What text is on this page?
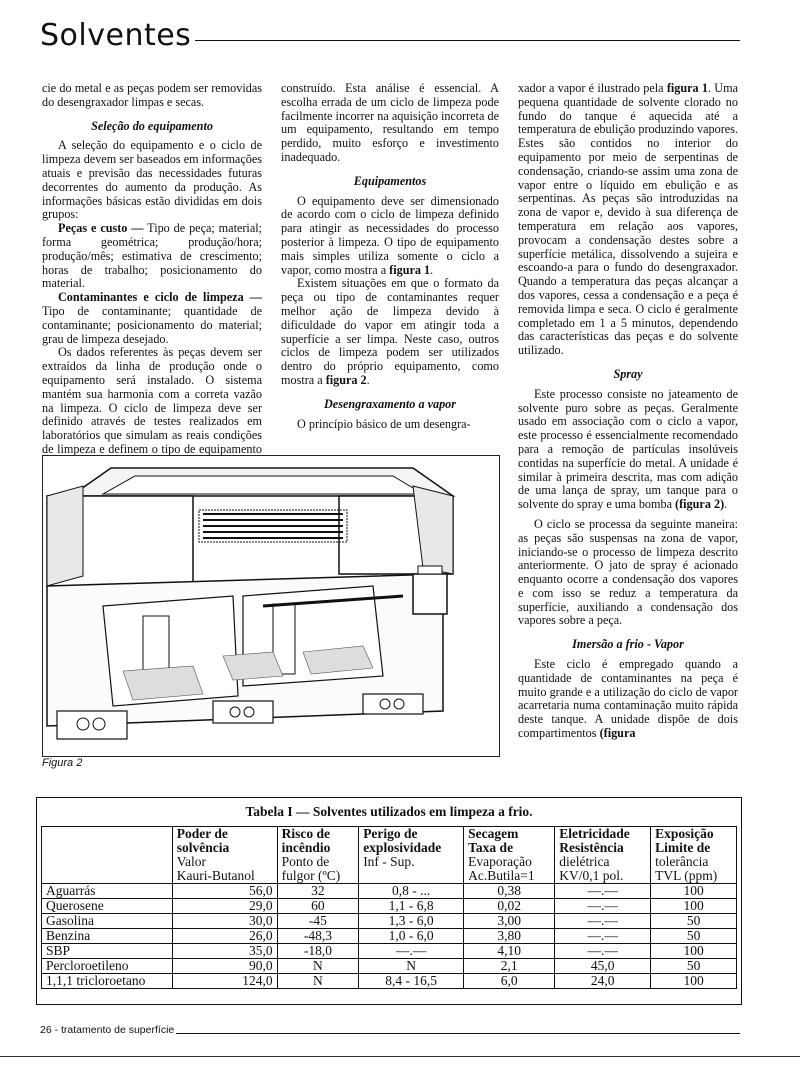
Solventes

cie do metal e as peças podem ser removidas do desengraxador limpas e secas.

Seleção do equipamento

A seleção do equipamento e o ciclo de limpeza devem ser baseados em informações atuais e previsão das necessidades futuras decorrentes do aumento da produção. As informações básicas estão divididas em dois grupos:

Peças e custo — Tipo de peça; material; forma geométrica; produção/hora; produção/mês; estimativa de crescimento; horas de trabalho; posicionamento do material.

Contaminantes e ciclo de limpeza — Tipo de contaminante; quantidade de contaminante; posicionamento do material; grau de limpeza desejado.

Os dados referentes às peças devem ser extraídos da linha de produção onde o equipamento será instalado. O sistema mantém sua harmonia com a correta vazão na limpeza. O ciclo de limpeza deve ser definido através de testes realizados em laboratórios que simulam as reais condições de limpeza e definem o tipo de equipamento

construído. Esta análise é essencial. A escolha errada de um ciclo de limpeza pode facilmente incorrer na aquisição incorreta de um equipamento, resultando em tempo perdido, muito esforço e investimento inadequado.

Equipamentos

O equipamento deve ser dimensionado de acordo com o ciclo de limpeza definido para atingir as necessidades do processo posterior à limpeza. O tipo de equipamento mais simples utiliza somente o ciclo a vapor, como mostra a figura 1.

Existem situações em que o formato da peça ou tipo de contaminantes requer melhor ação de limpeza devido à dificuldade do vapor em atingir toda a superfície a ser limpa. Neste caso, outros ciclos de limpeza podem ser utilizados dentro do próprio equipamento, como mostra a figura 2.

Desengraxamento a vapor

O princípio básico de um desengra-

xador a vapor é ilustrado pela figura 1. Uma pequena quantidade de solvente clorado no fundo do tanque é aquecida até a temperatura de ebulição produzindo vapores. Estes são contidos no interior do equipamento por meio de serpentinas de condensação, criando-se assim uma zona de vapor entre o líquido em ebulição e as serpentinas. As peças são introduzidas na zona de vapor e, devido à sua diferença de temperatura em relação aos vapores, provocam a condensação destes sobre a superfície metálica, dissolvendo a sujeira e escoando-a para o fundo do desengraxador. Quando a temperatura das peças alcançar a dos vapores, cessa a condensação e a peça é removida limpa e seca. O ciclo é geralmente completado em 1 a 5 minutos, dependendo das características das peças e do solvente utilizado.

Spray

Este processo consiste no jateamento de solvente puro sobre as peças. Geralmente usado em associação com o ciclo a vapor, este processo é essencialmente recomendado para a remoção de partículas insolúveis contidas na superfície do metal. A unidade é similar à primeira descrita, mas com adição de uma lança de spray, um tanque para o solvente do spray e uma bomba (figura 2).

O ciclo se processa da seguinte maneira: as peças são suspensas na zona de vapor, iniciando-se o processo de limpeza descrito anteriormente. O jato de spray é acionado enquanto ocorre a condensação dos vapores e com isso se reduz a temperatura da superfície, auxiliando a condensação dos vapores sobre a peça.

Imersão a frio - Vapor

Este ciclo é empregado quando a quantidade de contaminantes na peça é muito grande e a utilização do ciclo de vapor acarretaria numa contaminação muito rápida deste tanque. A unidade dispõe de dois compartimentos (figura

Figura 2
Tabela I — Solventes utilizados em limpeza a frio.

	Poder de
solvência
Valor
Kauri-Butanol	Risco de
incêndio
Ponto de
fulgor (ºC)	Perigo de
explosividade
Inf - Sup.	Secagem
Taxa de
Evaporação
Ac.Butila=1	Eletricidade
Resistência
dielétrica
KV/0,1 pol.	Exposição
Limite de
tolerância
TVL (ppm)
Aguarrás	56,0	32	0,8 - ...	0,38	—.—	100
Querosene	29,0	60	1,1 - 6,8	0,02	—.—	100
Gasolina	30,0	-45	1,3 - 6,0	3,00	—.—	50
Benzina	26,0	-48,3	1,0 - 6,0	3,80	—.—	50
SBP	35,0	-18,0	—.—	4,10	—.—	100
Percloroetileno	90,0	N	N	2,1	45,0	50
1,1,1 tricloroetano	124,0	N	8,4 - 16,5	6,0	24,0	100
26 - tratamento de superfície
